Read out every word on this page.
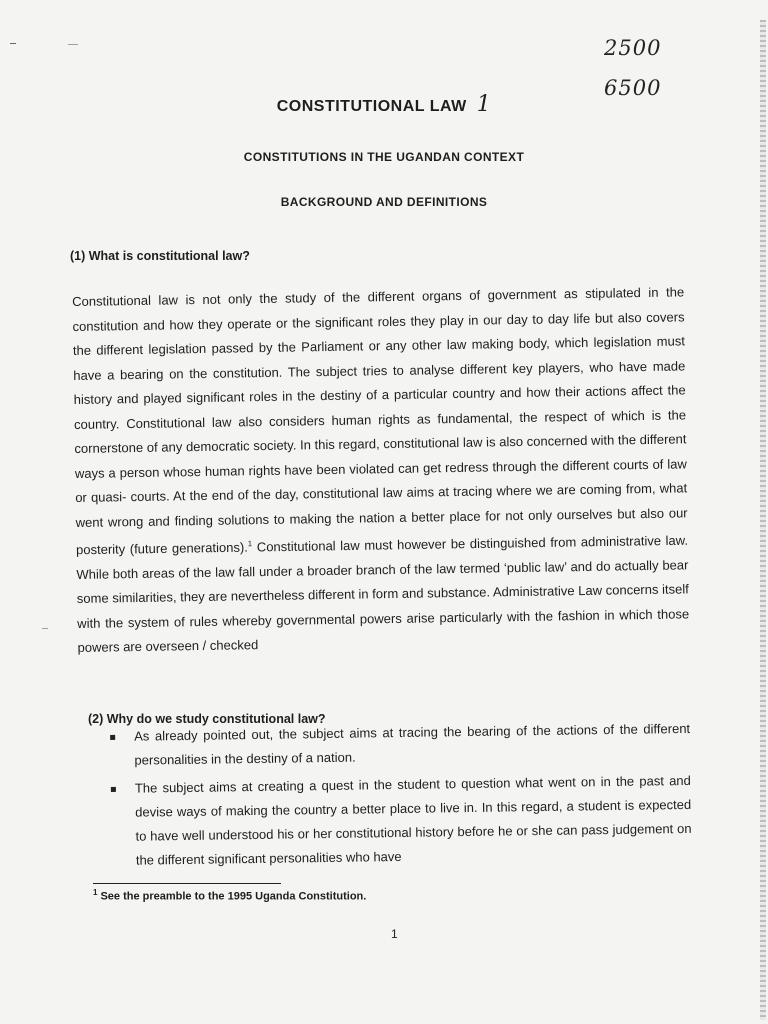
2500
6500
CONSTITUTIONAL LAW 1
CONSTITUTIONS IN THE UGANDAN CONTEXT
BACKGROUND AND DEFINITIONS
(1) What is constitutional law?
Constitutional law is not only the study of the different organs of government as stipulated in the constitution and how they operate or the significant roles they play in our day to day life but also covers the different legislation passed by the Parliament or any other law making body, which legislation must have a bearing on the constitution. The subject tries to analyse different key players, who have made history and played significant roles in the destiny of a particular country and how their actions affect the country. Constitutional law also considers human rights as fundamental, the respect of which is the cornerstone of any democratic society. In this regard, constitutional law is also concerned with the different ways a person whose human rights have been violated can get redress through the different courts of law or quasi- courts. At the end of the day, constitutional law aims at tracing where we are coming from, what went wrong and finding solutions to making the nation a better place for not only ourselves but also our posterity (future generations).$^1$ Constitutional law must however be distinguished from administrative law. While both areas of the law fall under a broader branch of the law termed ‘public law’ and do actually bear some similarities, they are nevertheless different in form and substance. Administrative Law concerns itself with the system of rules whereby governmental powers arise particularly with the fashion in which those powers are overseen / checked
(2) Why do we study constitutional law?
As already pointed out, the subject aims at tracing the bearing of the actions of the different personalities in the destiny of a nation.
The subject aims at creating a quest in the student to question what went on in the past and devise ways of making the country a better place to live in. In this regard, a student is expected to have well understood his or her constitutional history before he or she can pass judgement on the different significant personalities who have
$^1$ See the preamble to the 1995 Uganda Constitution.
1
